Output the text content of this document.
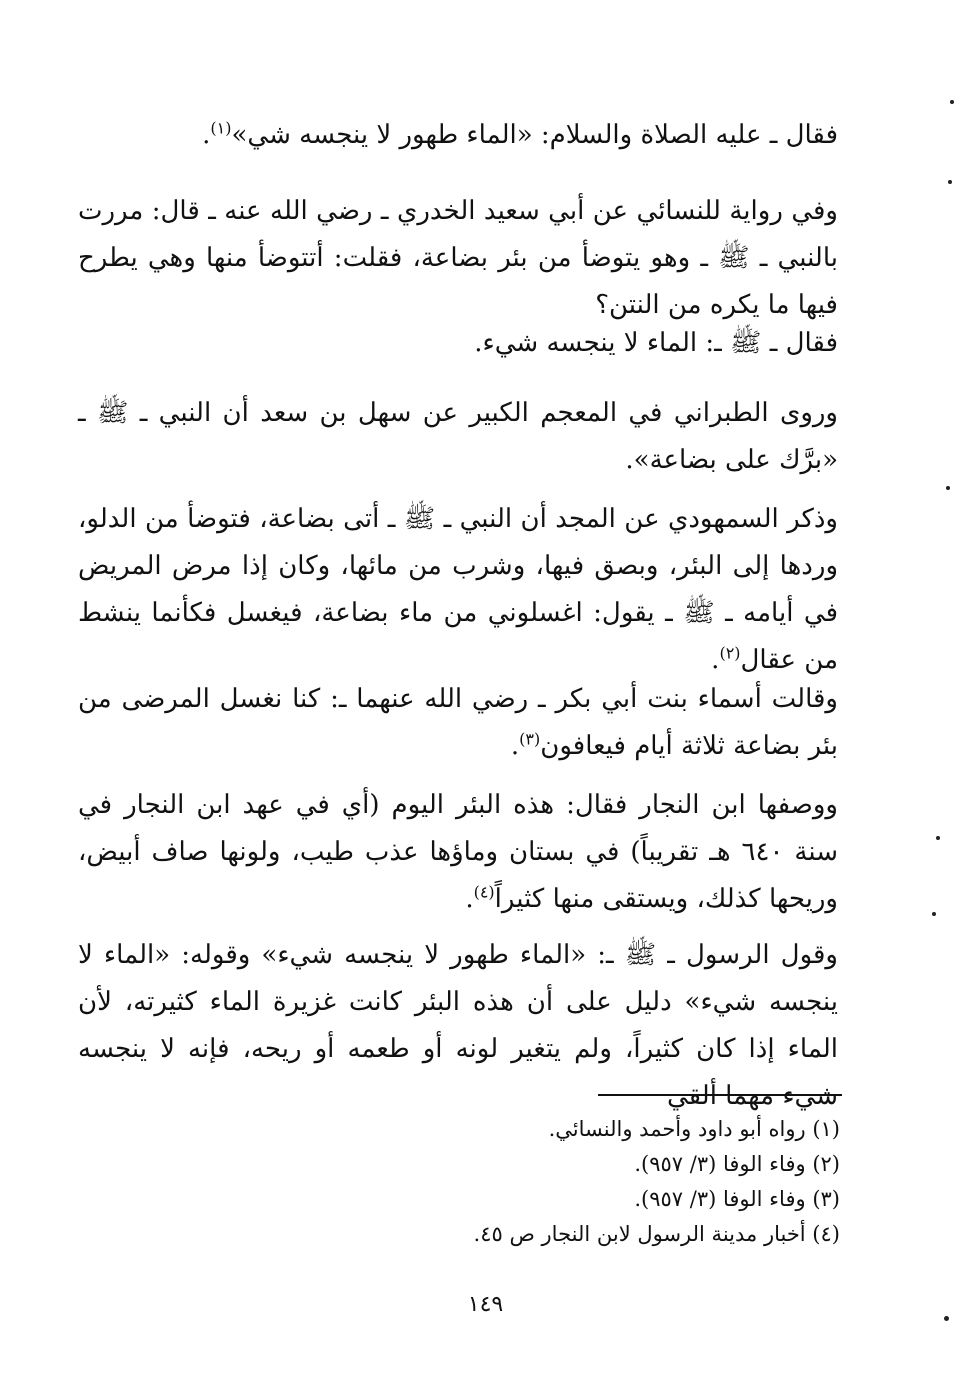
فقال ـ عليه الصلاة والسلام: «الماء طهور لا ينجسه شي»$^{(١)}$.
وفي رواية للنسائي عن أبي سعيد الخدري ـ رضي الله عنه ـ قال: مررت بالنبي ـ ﷺ ـ وهو يتوضأ من بئر بضاعة، فقلت: أتتوضأ منها وهي يطرح فيها ما يكره من النتن؟
فقال ـ ﷺ ـ: الماء لا ينجسه شيء.
وروى الطبراني في المعجم الكبير عن سهل بن سعد أن النبي ـ ﷺ ـ «برَّك على بضاعة».
وذكر السمهودي عن المجد أن النبي ـ ﷺ ـ أتى بضاعة، فتوضأ من الدلو، وردها إلى البئر، وبصق فيها، وشرب من مائها، وكان إذا مرض المريض في أيامه ـ ﷺ ـ يقول: اغسلوني من ماء بضاعة، فيغسل فكأنما ينشط من عقال$^{(٢)}$.
وقالت أسماء بنت أبي بكر ـ رضي الله عنهما ـ: كنا نغسل المرضى من بئر بضاعة ثلاثة أيام فيعافون$^{(٣)}$.
ووصفها ابن النجار فقال: هذه البئر اليوم (أي في عهد ابن النجار في سنة ٦٤٠ هـ تقريباً) في بستان وماؤها عذب طيب، ولونها صاف أبيض، وريحها كذلك، ويستقى منها كثيراً$^{(٤)}$.
وقول الرسول ـ ﷺ ـ: «الماء طهور لا ينجسه شيء» وقوله: «الماء لا ينجسه شيء» دليل على أن هذه البئر كانت غزيرة الماء كثيرته، لأن الماء إذا كان كثيراً، ولم يتغير لونه أو طعمه أو ريحه، فإنه لا ينجسه شيء مهما ألقي
(١) رواه أبو داود وأحمد والنسائي.
(٢) وفاء الوفا (٣/ ٩٥٧).
(٣) وفاء الوفا (٣/ ٩٥٧).
(٤) أخبار مدينة الرسول لابن النجار ص ٤٥.
١٤٩
